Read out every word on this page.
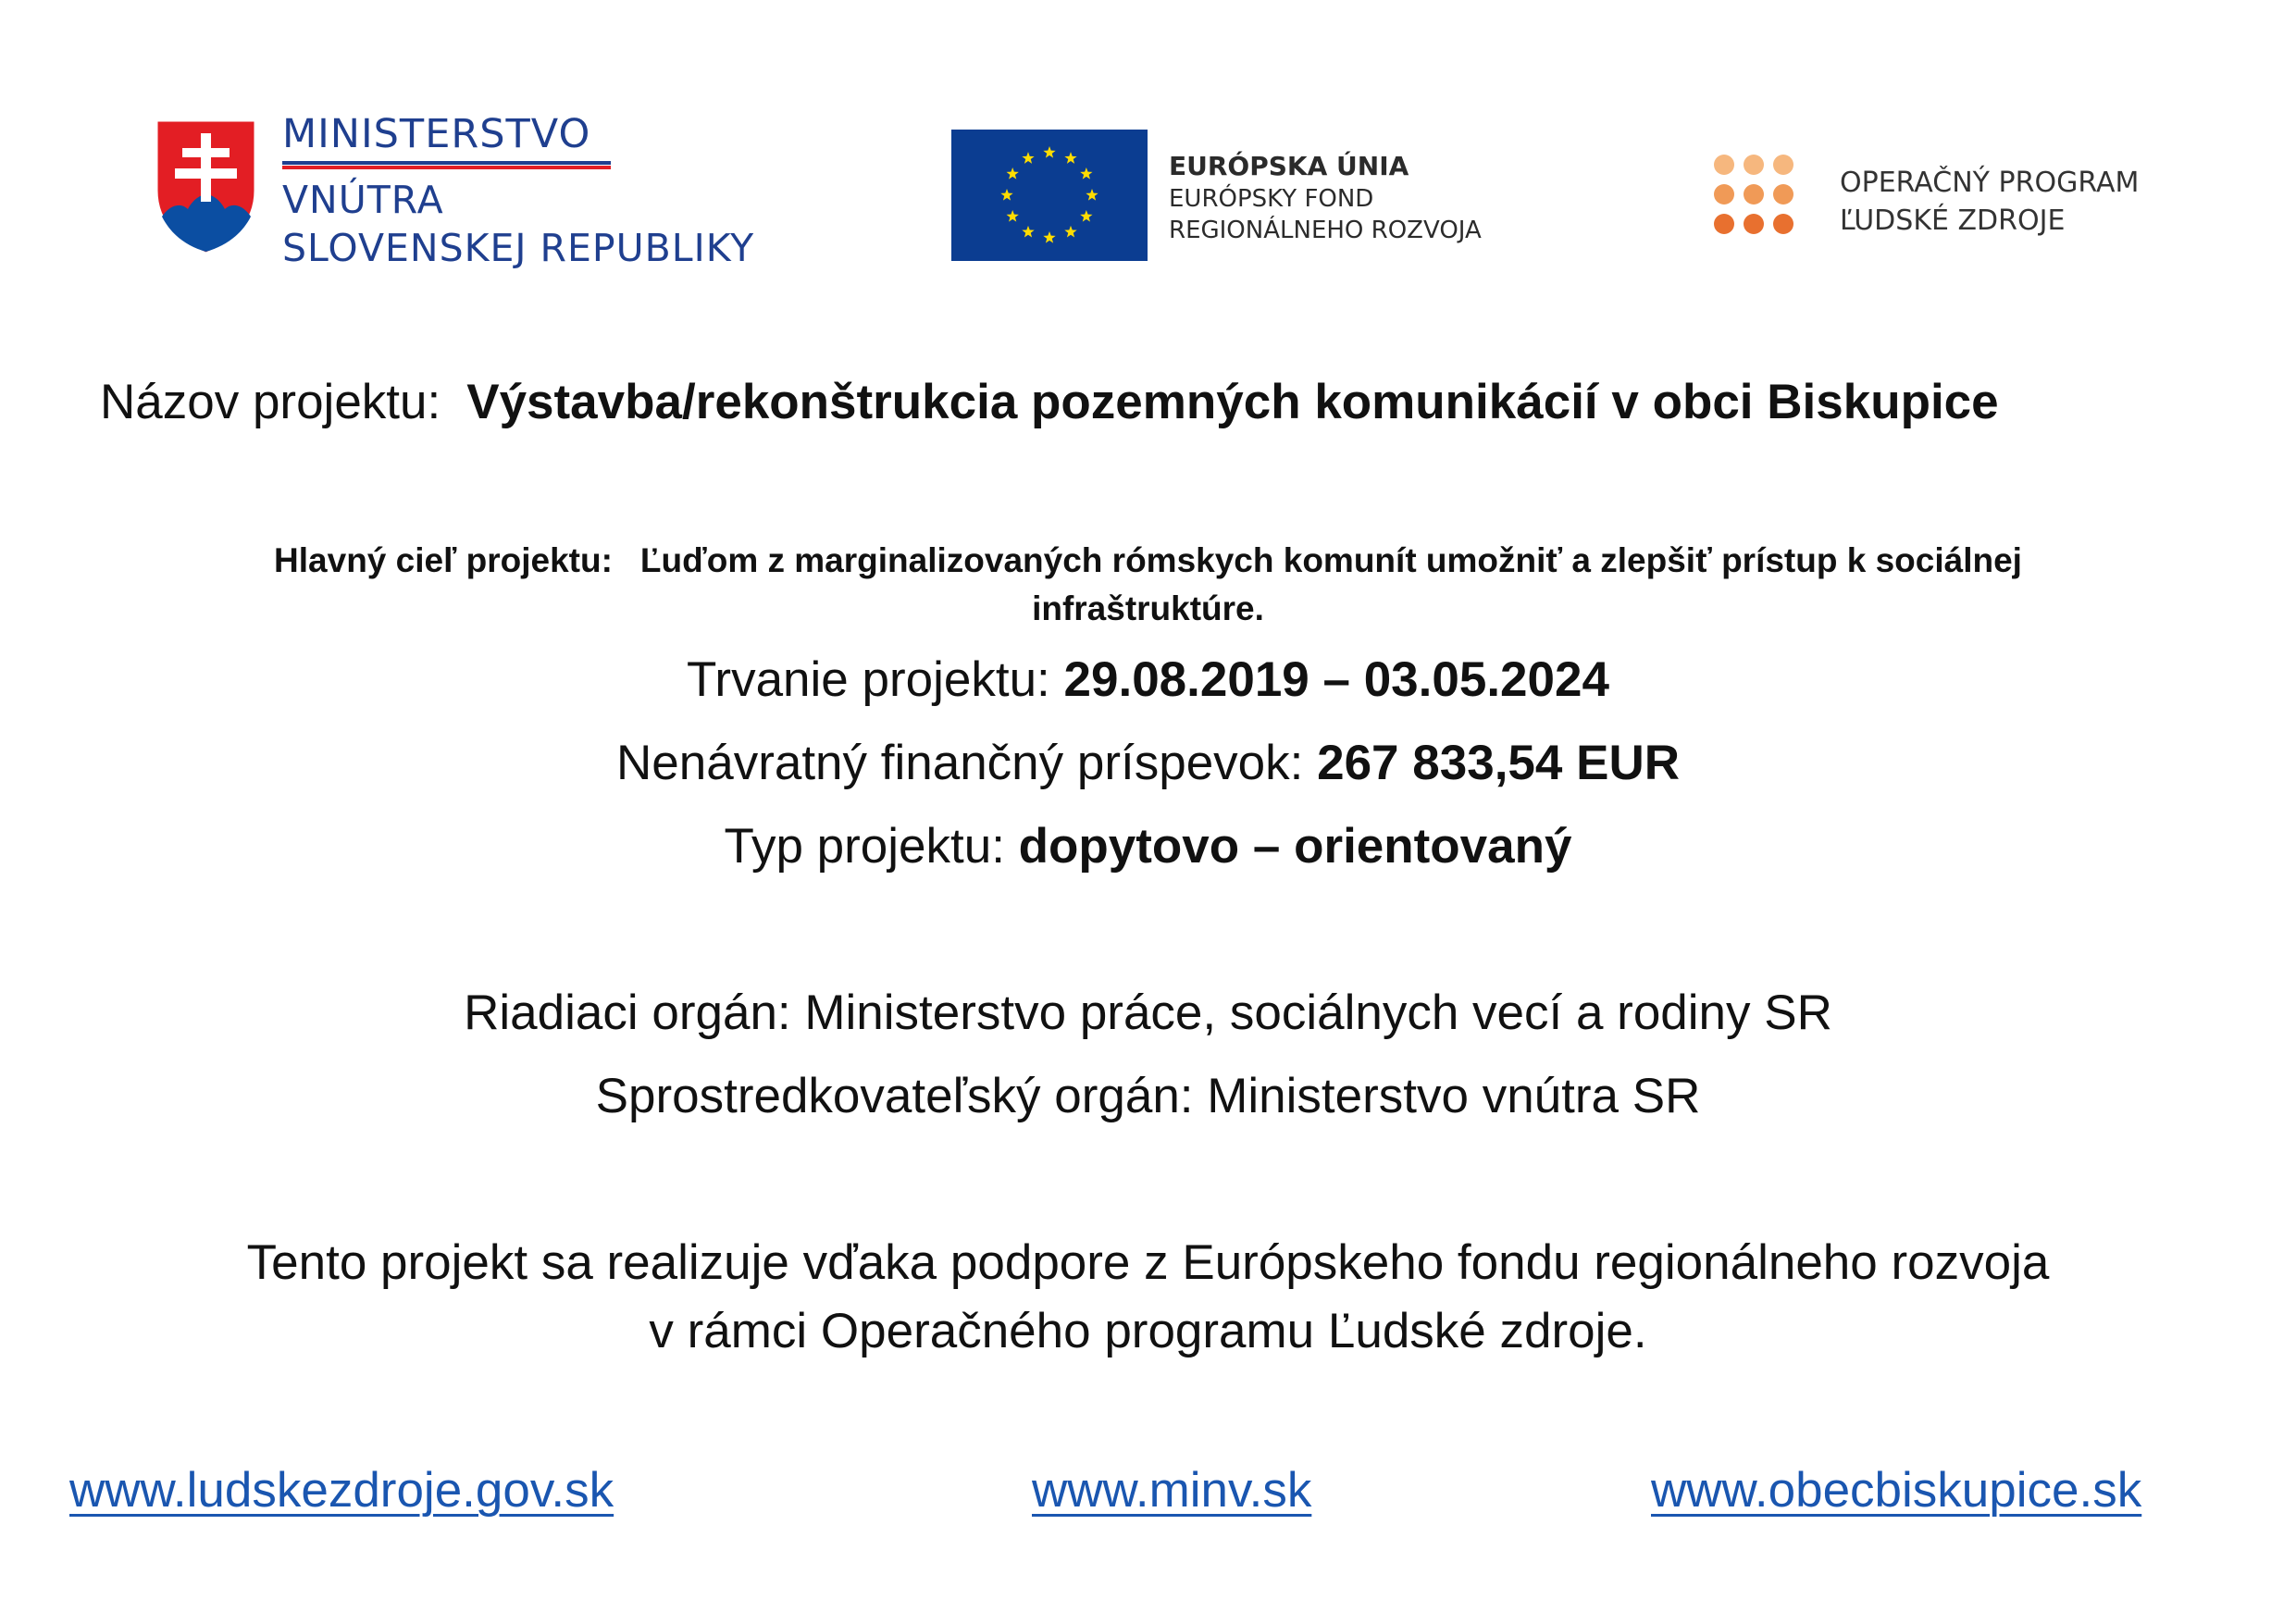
MINISTERSTVO
VNÚTRA
SLOVENSKEJ REPUBLIKY
EURÓPSKA ÚNIA
EURÓPSKY FOND
REGIONÁLNEHO ROZVOJA
OPERAČNÝ PROGRAM
ĽUDSKÉ ZDROJE
Názov projektu: Výstavba/rekonštrukcia pozemných komunikácií v obci Biskupice
Hlavný cieľ projektu: Ľuďom z marginalizovaných rómskych komunít umožniť a zlepšiť prístup k sociálnej
infraštruktúre.
Trvanie projektu: 29.08.2019 – 03.05.2024
Nenávratný finančný príspevok: 267 833,54 EUR
Typ projektu: dopytovo – orientovaný
Riadiaci orgán: Ministerstvo práce, sociálnych vecí a rodiny SR
Sprostredkovateľský orgán: Ministerstvo vnútra SR
Tento projekt sa realizuje vďaka podpore z Európskeho fondu regionálneho rozvoja
v rámci Operačného programu Ľudské zdroje.
www.ludskezdroje.gov.sk	www.minv.sk	www.obecbiskupice.sk
